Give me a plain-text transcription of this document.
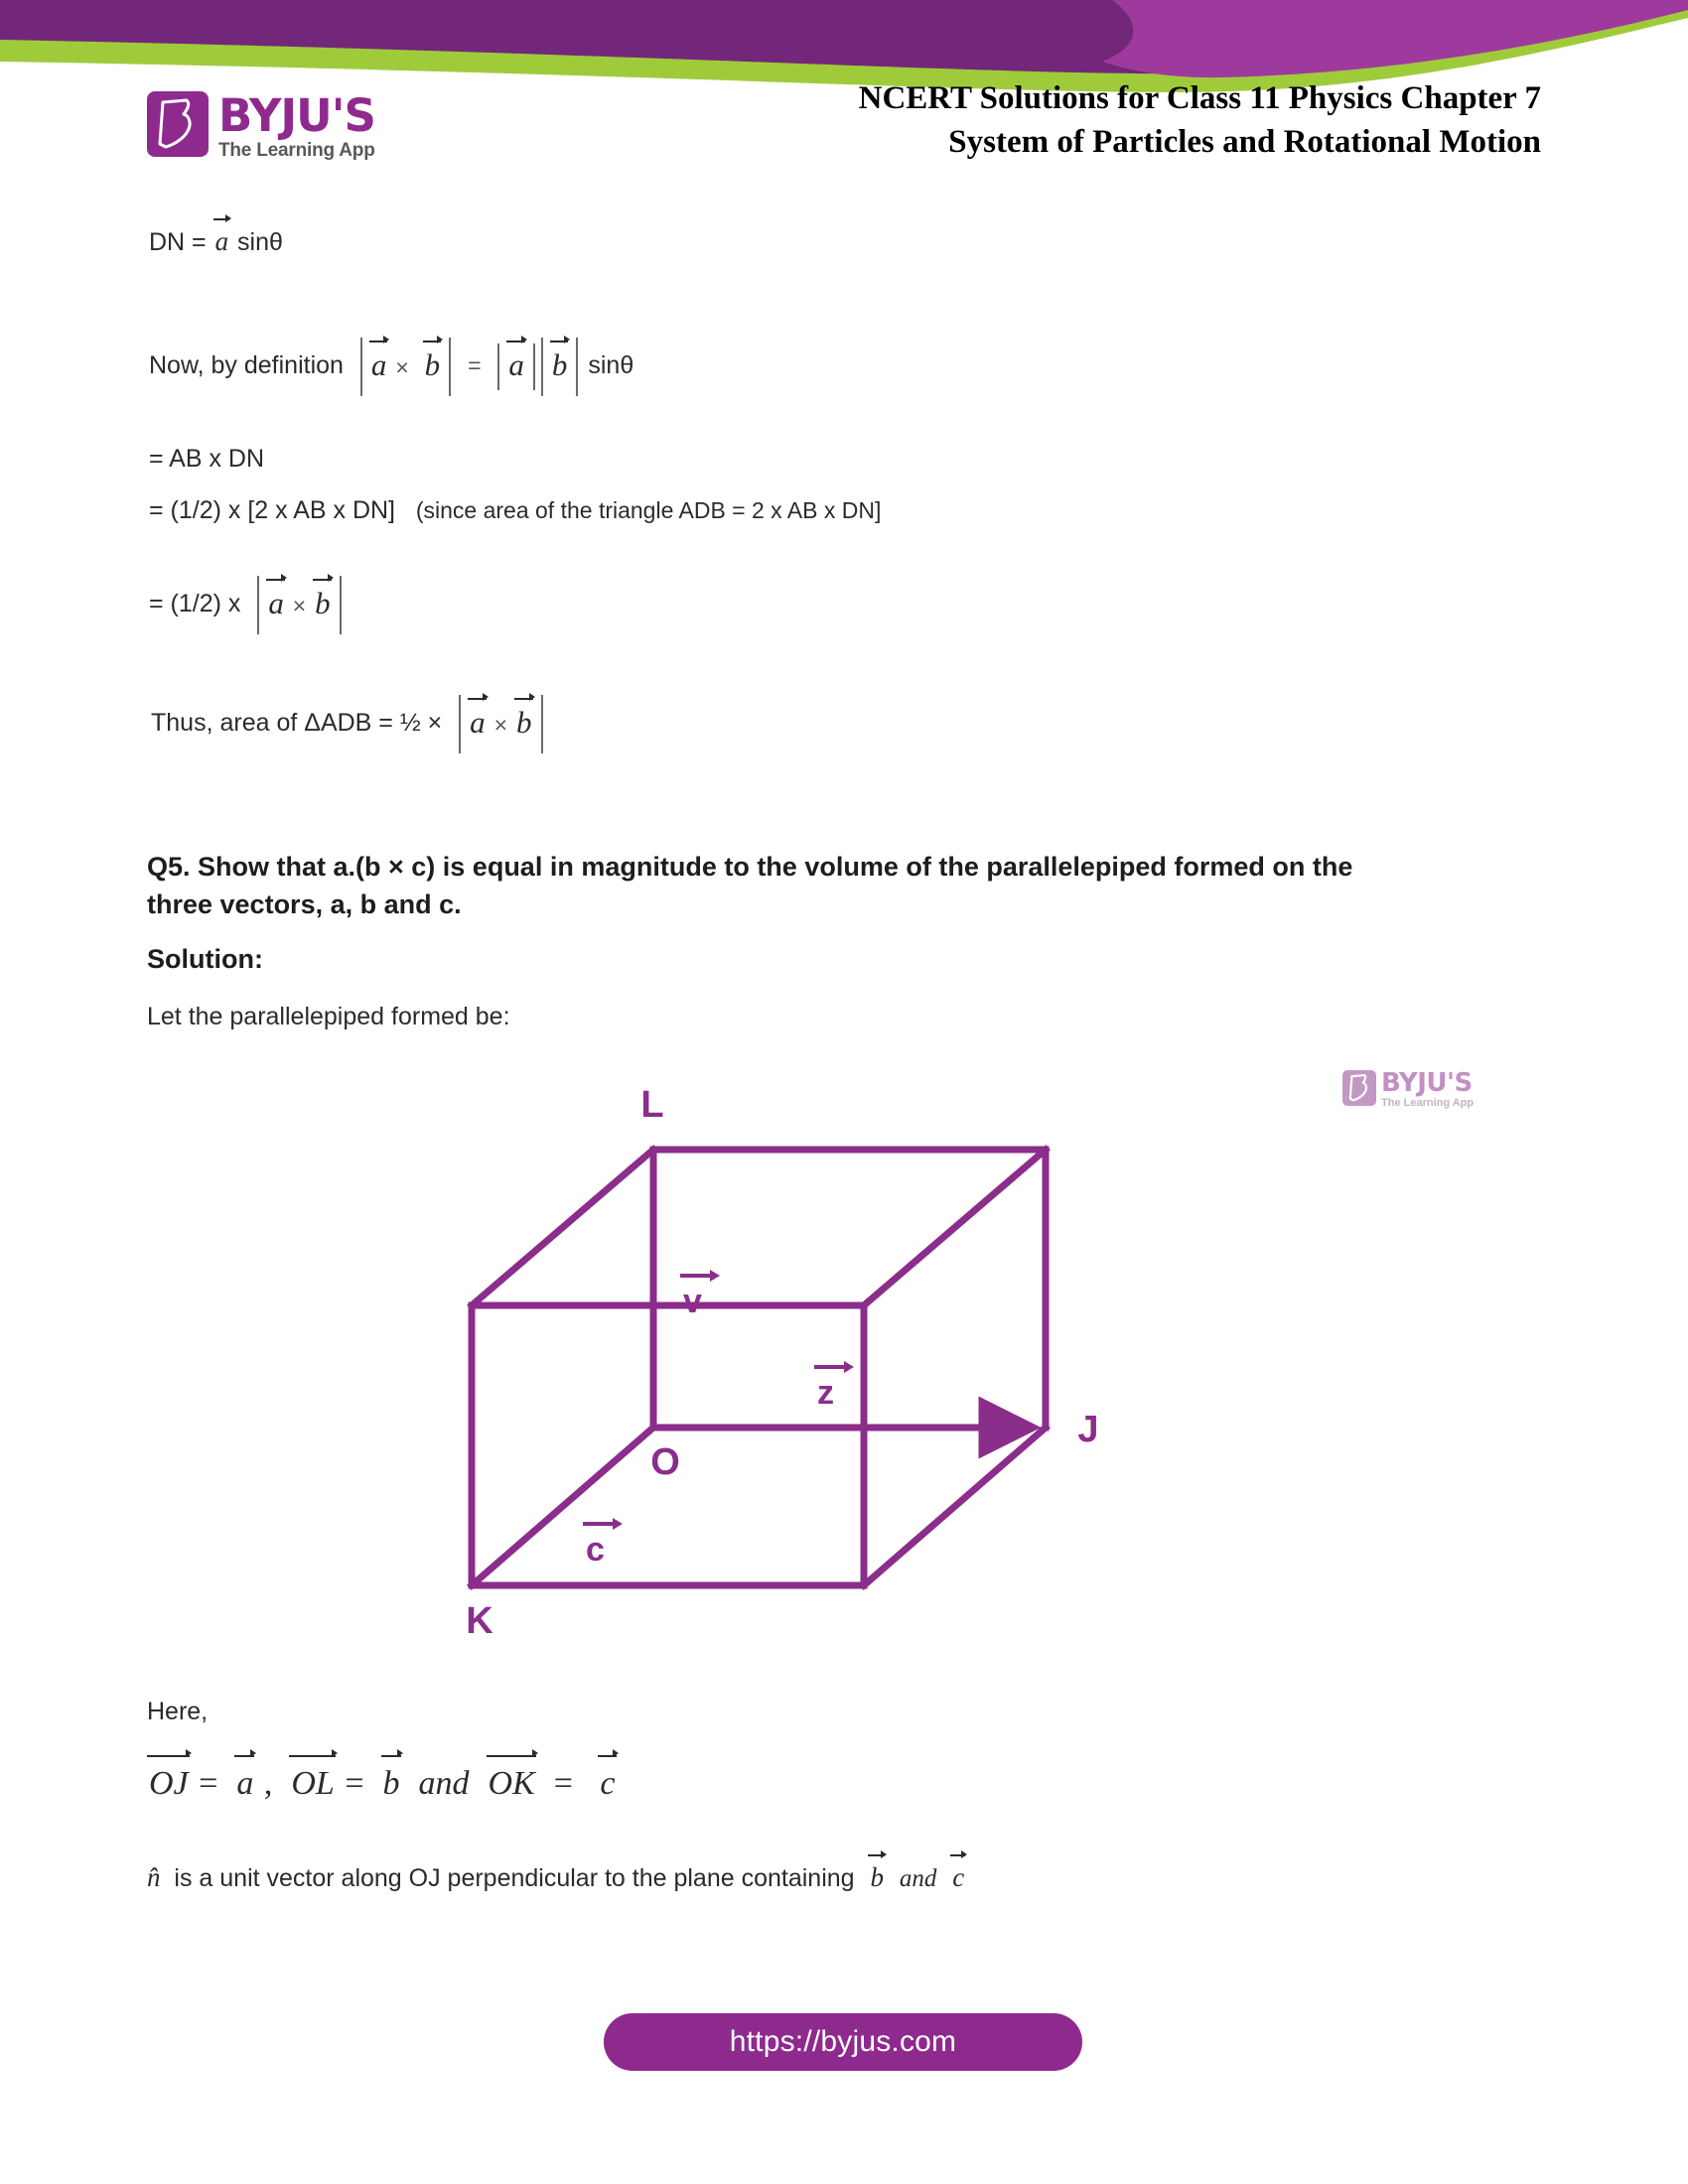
BYJU'S
The Learning App
NCERT Solutions for Class 11 Physics Chapter 7
System of Particles and Rotational Motion
DN = a sinθ
Now, by definition a × b = a b sinθ
= AB x DN
= (1/2) x [2 x AB x DN] (since area of the triangle ADB = 2 x AB x DN]
= (1/2) x a × b
Thus, area of ΔADB = ½ × a × b
Q5. Show that a.(b × c) is equal in magnitude to the volume of the parallelepiped formed on the
three vectors, a, b and c.
Solution:
Let the parallelepiped formed be:
Here,
OJ = a , OL = b and OK = c
n̂ is a unit vector along OJ perpendicular to the plane containing b and c
L
J
O
K
v
z
c
BYJU'S
The Learning App
https://byjus.com
